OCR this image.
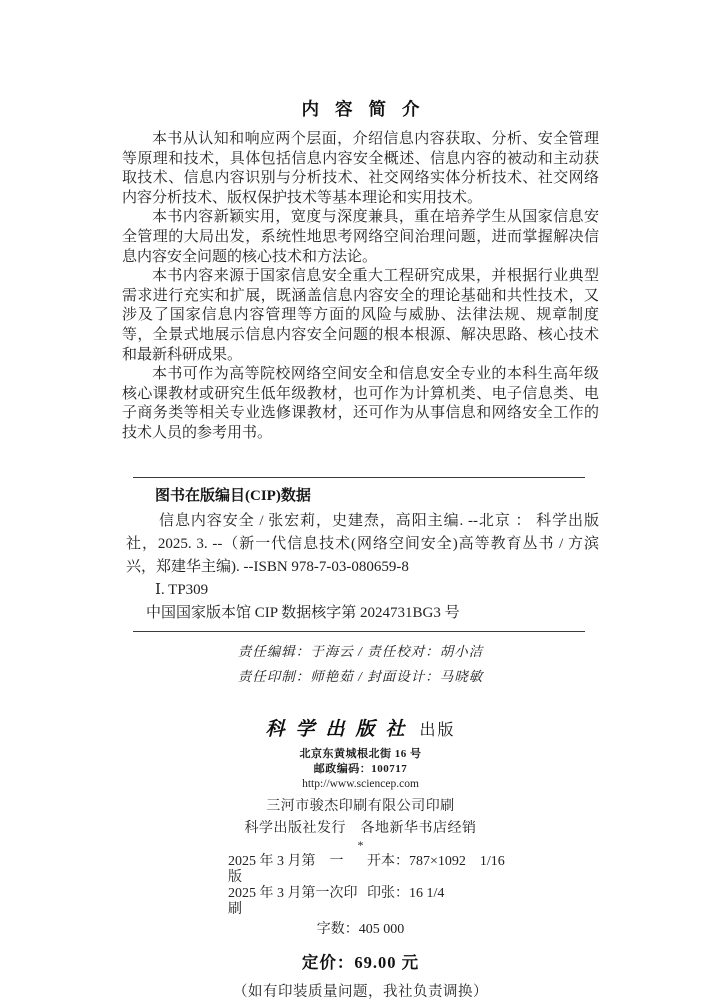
内容简介

本书从认知和响应两个层面，介绍信息内容获取、分析、安全管理等原理和技术，具体包括信息内容安全概述、信息内容的被动和主动获取技术、信息内容识别与分析技术、社交网络实体分析技术、社交网络内容分析技术、版权保护技术等基本理论和实用技术。

本书内容新颖实用，宽度与深度兼具，重在培养学生从国家信息安全管理的大局出发，系统性地思考网络空间治理问题，进而掌握解决信息内容安全问题的核心技术和方法论。

本书内容来源于国家信息安全重大工程研究成果，并根据行业典型需求进行充实和扩展，既涵盖信息内容安全的理论基础和共性技术，又涉及了国家信息内容管理等方面的风险与威胁、法律法规、规章制度等，全景式地展示信息内容安全问题的根本根源、解决思路、核心技术和最新科研成果。

本书可作为高等院校网络空间安全和信息安全专业的本科生高年级核心课教材或研究生低年级教材，也可作为计算机类、电子信息类、电子商务类等相关专业选修课教材，还可作为从事信息和网络安全工作的技术人员的参考用书。

图书在版编目(CIP)数据
信息内容安全 / 张宏莉，史建焘，高阳主编. --北京 ： 科学出版社，2025. 3. --（新一代信息技术(网络空间安全)高等教育丛书 / 方滨兴，郑建华主编). --ISBN 978-7-03-080659-8
Ⅰ. TP309
中国国家版本馆 CIP 数据核字第 2024731BG3 号
责任编辑：于海云 / 责任校对：胡小洁
责任印制：师艳茹 / 封面设计：马晓敏
科学出版社 出版
北京东黄城根北街 16 号
邮政编码：100717
http://www.sciencep.com
三河市骏杰印刷有限公司印刷
科学出版社发行　各地新华书店经销
*
2025 年 3 月第　一　版
开本：787×1092　1/16
2025 年 3 月第一次印刷
印张：16 1/4
字数：405 000
定价：69.00 元
（如有印装质量问题，我社负责调换）
